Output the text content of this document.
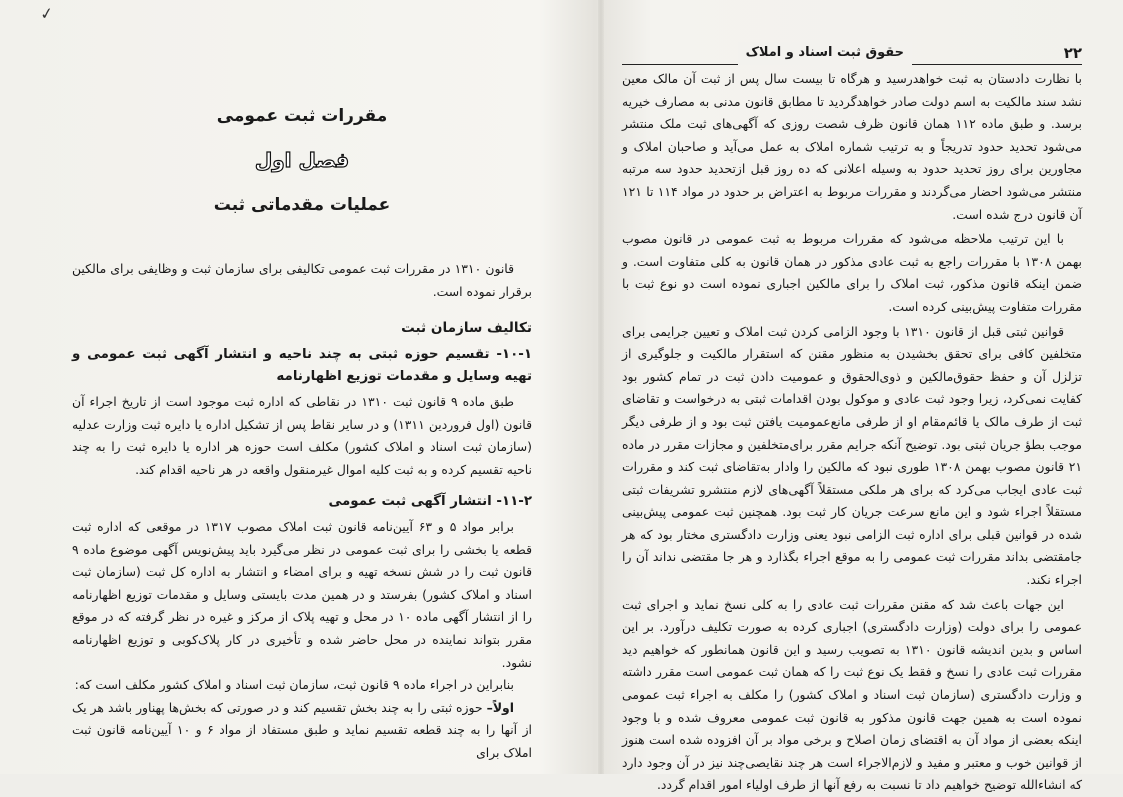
✓
۲۲
حقوق ثبت اسناد و املاک

با نظارت دادستان به ثبت خواهدرسید و هرگاه تا بیست سال پس از ثبت آن مالک معین نشد سند مالکیت به اسم دولت صادر خواهدگردید تا مطابق قانون مدنی به مصارف خیریه برسد. و طبق ماده ۱۱۲ همان قانون ظرف شصت روزی که آگهی‌های ثبت ملک منتشر می‌شود تحدید حدود تدریجاً و به ترتیب شماره املاک به عمل می‌آید و صاحبان املاک و مجاورین برای روز تحدید حدود به وسیله اعلانی که ده روز قبل ازتحدید حدود سه مرتبه منتشر می‌شود احضار می‌گردند و مقررات مربوط به اعتراض بر حدود در مواد ۱۱۴ تا ۱۲۱ آن قانون درج شده است.

با این ترتیب ملاحظه می‌شود که مقررات مربوط به ثبت عمومی در قانون مصوب بهمن ۱۳۰۸ با مقررات راجع به ثبت عادی مذکور در همان قانون به کلی متفاوت است. و ضمن اینکه قانون مذکور، ثبت املاک را برای مالکین اجباری نموده است دو نوع ثبت با مقررات متفاوت پیش‌بینی کرده است.

قوانین ثبتی قبل از قانون ۱۳۱۰ با وجود الزامی کردن ثبت املاک و تعیین جرایمی برای متخلفین کافی برای تحقق بخشیدن به منظور مقنن که استقرار مالکیت و جلوگیری از تزلزل آن و حفظ حقوق‌مالکین و ذوی‌الحقوق و عمومیت دادن ثبت در تمام کشور بود کفایت نمی‌کرد، زیرا وجود ثبت عادی و موکول بودن اقدامات ثبتی به درخواست و تقاضای ثبت از طرف مالک یا قائم‌مقام او از طرفی مانع‌عمومیت یافتن ثبت بود و از طرفی دیگر موجب بطؤ جریان ثبتی بود. توضیح آنکه جرایم مقرر برای‌متخلفین و مجازات مقرر در ماده ۲۱ قانون مصوب بهمن ۱۳۰۸ طوری نبود که مالکین را وادار به‌تقاضای ثبت کند و مقررات ثبت عادی ایجاب می‌کرد که برای هر ملکی مستقلاً آگهی‌های لازم منتشرو تشریفات ثبتی مستقلاً اجراء شود و این مانع سرعت جریان کار ثبت بود. همچنین ثبت عمومی پیش‌بینی شده در قوانین قبلی برای اداره ثبت الزامی نبود یعنی وزارت دادگستری مختار بود که هر جامقتضی بداند مقررات ثبت عمومی را به موقع اجراء بگذارد و هر جا مقتضی نداند آن را اجراء نکند.

این جهات باعث شد که مقنن مقررات ثبت عادی را به کلی نسخ نماید و اجرای ثبت عمومی را برای دولت (وزارت دادگستری) اجباری کرده به صورت تکلیف درآورد. بر این اساس و بدین اندیشه قانون ۱۳۱۰ به تصویب رسید و این قانون همانطور که خواهیم دید مقررات ثبت عادی را نسخ و فقط یک نوع ثبت را که همان ثبت عمومی است مقرر داشته و وزارت دادگستری (سازمان ثبت اسناد و املاک کشور) را مکلف به اجراء ثبت عمومی نموده است به همین جهت قانون مذکور به قانون ثبت عمومی معروف شده و با وجود اینکه بعضی از مواد آن به اقتضای زمان اصلاح و برخی مواد بر آن افزوده شده است هنوز از قوانین خوب و معتبر و مفید و لازم‌الاجراء است هر چند نقایصی‌چند نیز در آن وجود دارد که انشاءالله توضیح خواهیم داد تا نسبت به رفع آنها از طرف اولیاء امور اقدام گردد.

مقررات ثبت عمومی
فصل اول
عملیات مقدماتی ثبت

قانون ۱۳۱۰ در مقررات ثبت عمومی تکالیفی برای سازمان ثبت و وظایفی برای مالکین برقرار نموده است.

تکالیف سازمان ثبت

۱۰-۱- تقسیم حوزه ثبتی به چند ناحیه و انتشار آگهی ثبت عمومی و تهیه وسایل و مقدمات توزیع اظهارنامه

طبق ماده ۹ قانون ثبت ۱۳۱۰ در نقاطی که اداره ثبت موجود است از تاریخ اجراء آن قانون (اول فروردین ۱۳۱۱) و در سایر نقاط پس از تشکیل اداره یا دایره ثبت وزارت عدلیه (سازمان ثبت اسناد و املاک کشور) مکلف است حوزه هر اداره یا دایره ثبت را به چند ناحیه تقسیم کرده و به ثبت کلیه اموال غیرمنقول واقعه در هر ناحیه اقدام کند.

۱۱-۲- انتشار آگهی ثبت عمومی

برابر مواد ۵ و ۶۳ آیین‌نامه قانون ثبت املاک مصوب ۱۳۱۷ در موقعی که اداره ثبت قطعه یا بخشی را برای ثبت عمومی در نظر می‌گیرد باید پیش‌نویس آگهی موضوع ماده ۹ قانون ثبت را در شش نسخه تهیه و برای امضاء و انتشار به اداره کل ثبت (سازمان ثبت اسناد و املاک کشور) بفرستد و در همین مدت بایستی وسایل و مقدمات توزیع اظهارنامه را از انتشار آگهی ماده ۱۰ در محل و تهیه پلاک از مرکز و غیره در نظر گرفته که در موقع مقرر بتواند نماینده در محل حاضر شده و تأخیری در کار پلاک‌کوبی و توزیع اظهارنامه نشود.

بنابراین در اجراء ماده ۹ قانون ثبت، سازمان ثبت اسناد و املاک کشور مکلف است که:

اولاً– حوزه ثبتی را به چند بخش تقسیم کند و در صورتی که بخش‌ها پهناور باشد هر یک از آنها را به چند قطعه تقسیم نماید و طبق مستفاد از مواد ۶ و ۱۰ آیین‌نامه قانون ثبت املاک برای
